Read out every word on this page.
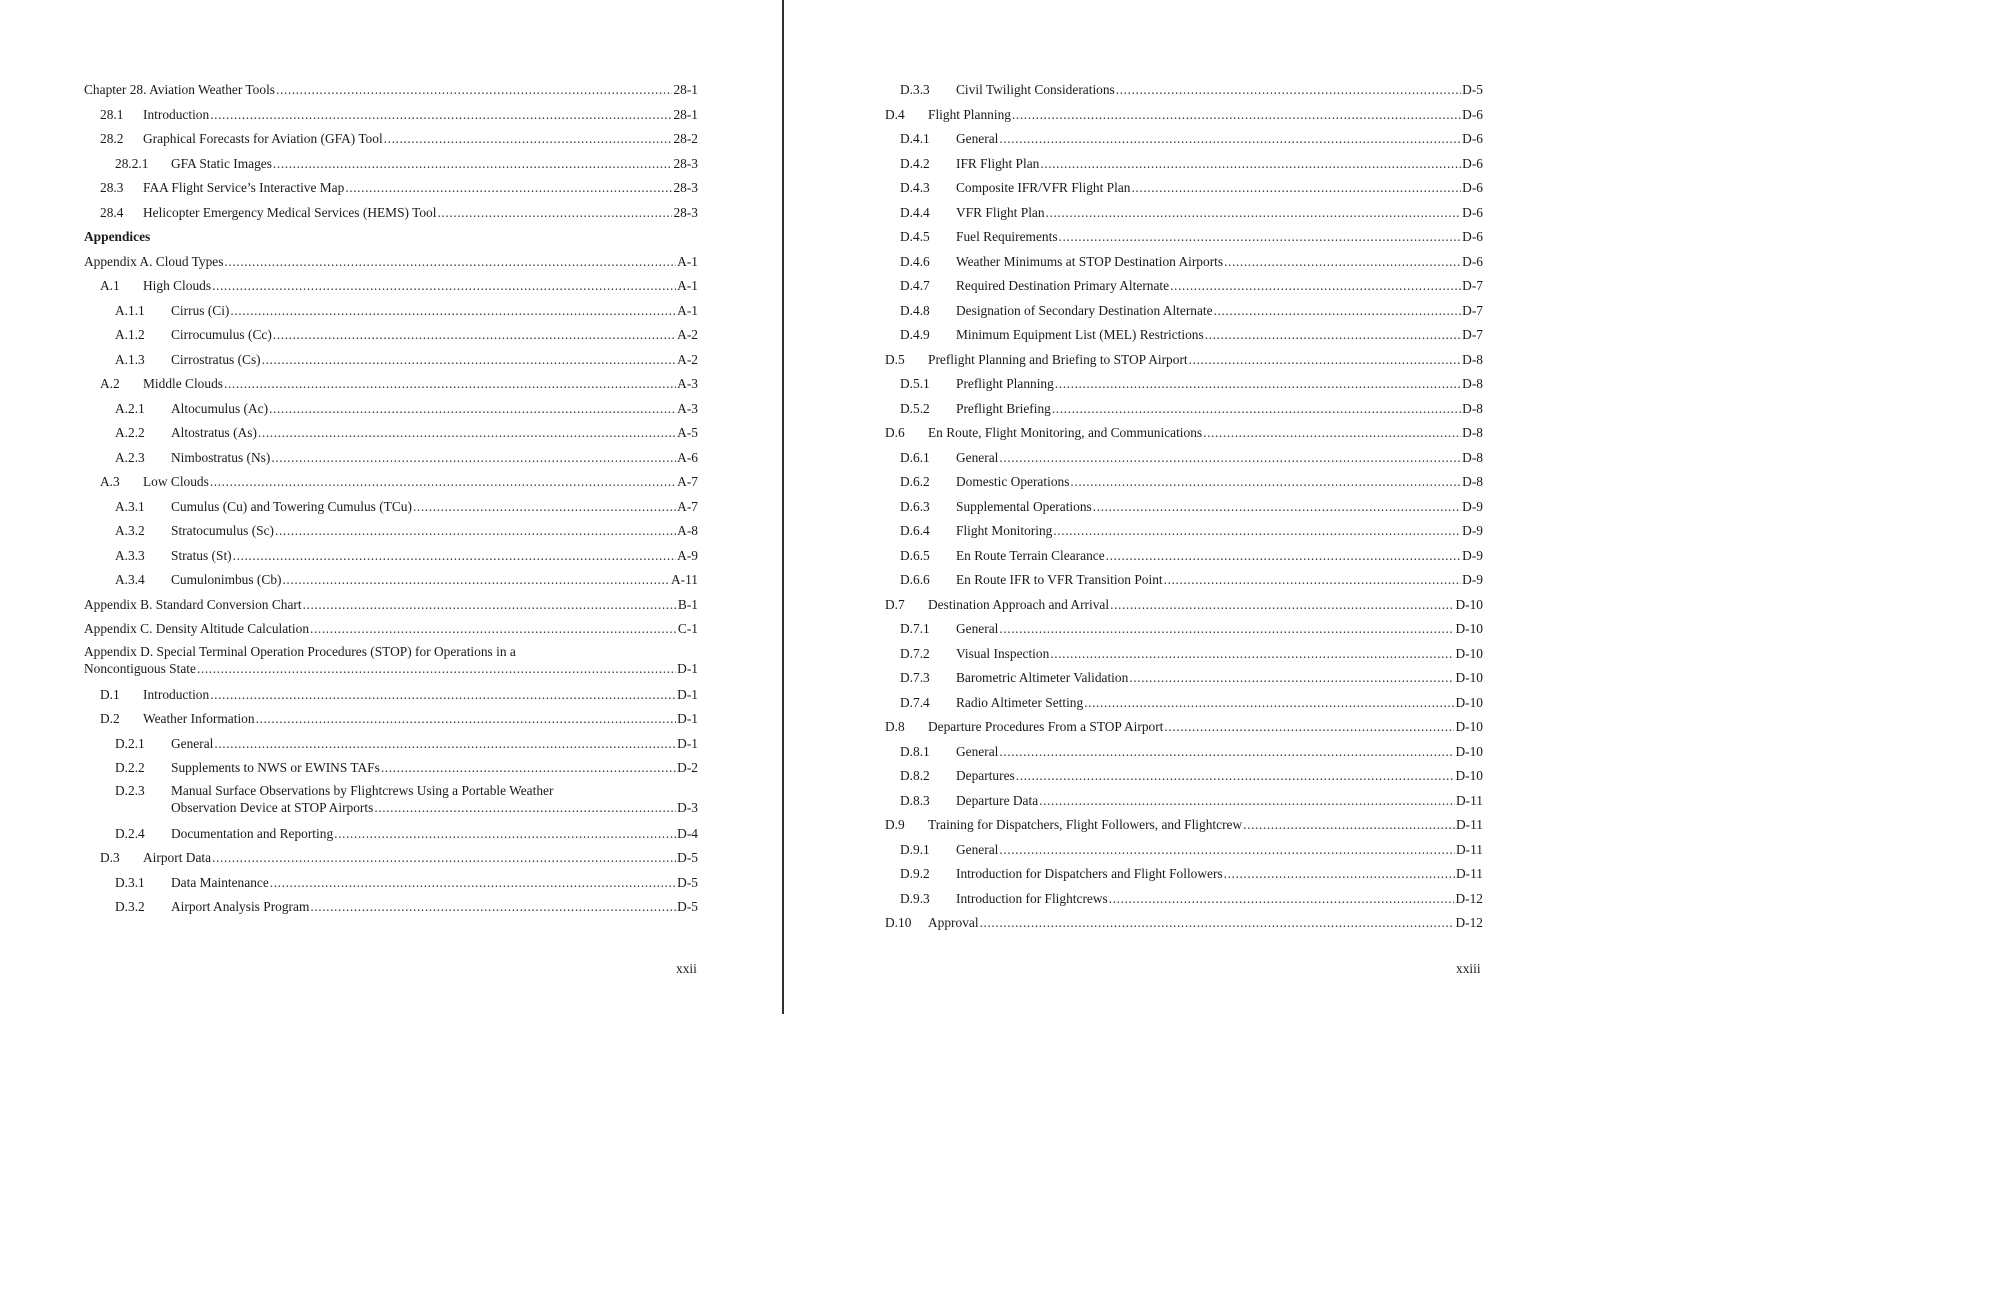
Chapter 28. Aviation Weather Tools .....	28-1
28.1	Introduction .....	28-1
28.2	Graphical Forecasts for Aviation (GFA) Tool .....	28-2
28.2.1	GFA Static Images .....	28-3
28.3	FAA Flight Service’s Interactive Map .....	28-3
28.4	Helicopter Emergency Medical Services (HEMS) Tool .....	28-3
Appendices
Appendix A. Cloud Types .....	A-1
A.1	High Clouds .....	A-1
A.1.1	Cirrus (Ci) .....	A-1
A.1.2	Cirrocumulus (Cc) .....	A-2
A.1.3	Cirrostratus (Cs) .....	A-2
A.2	Middle Clouds .....	A-3
A.2.1	Altocumulus (Ac) .....	A-3
A.2.2	Altostratus (As) .....	A-5
A.2.3	Nimbostratus (Ns) .....	A-6
A.3	Low Clouds .....	A-7
A.3.1	Cumulus (Cu) and Towering Cumulus (TCu) .....	A-7
A.3.2	Stratocumulus (Sc) .....	A-8
A.3.3	Stratus (St) .....	A-9
A.3.4	Cumulonimbus (Cb) .....	A-11
Appendix B. Standard Conversion Chart .....	B-1
Appendix C. Density Altitude Calculation .....	C-1
Appendix D. Special Terminal Operation Procedures (STOP) for Operations in a
Noncontiguous State .....	D-1
D.1	Introduction .....	D-1
D.2	Weather Information .....	D-1
D.2.1	General .....	D-1
D.2.2	Supplements to NWS or EWINS TAFs .....	D-2
D.2.3 Manual Surface Observations by Flightcrews Using a Portable Weather
Observation Device at STOP Airports .....	D-3
D.2.4	Documentation and Reporting .....	D-4
D.3	Airport Data .....	D-5
D.3.1	Data Maintenance .....	D-5
D.3.2	Airport Analysis Program .....	D-5
xxii
D.3.3	Civil Twilight Considerations .....	D-5
D.4	Flight Planning .....	D-6
D.4.1	General .....	D-6
D.4.2	IFR Flight Plan .....	D-6
D.4.3	Composite IFR/VFR Flight Plan .....	D-6
D.4.4	VFR Flight Plan .....	D-6
D.4.5	Fuel Requirements .....	D-6
D.4.6	Weather Minimums at STOP Destination Airports .....	D-6
D.4.7	Required Destination Primary Alternate .....	D-7
D.4.8	Designation of Secondary Destination Alternate .....	D-7
D.4.9	Minimum Equipment List (MEL) Restrictions .....	D-7
D.5	Preflight Planning and Briefing to STOP Airport .....	D-8
D.5.1	Preflight Planning .....	D-8
D.5.2	Preflight Briefing .....	D-8
D.6	En Route, Flight Monitoring, and Communications .....	D-8
D.6.1	General .....	D-8
D.6.2	Domestic Operations .....	D-8
D.6.3	Supplemental Operations .....	D-9
D.6.4	Flight Monitoring .....	D-9
D.6.5	En Route Terrain Clearance .....	D-9
D.6.6	En Route IFR to VFR Transition Point .....	D-9
D.7	Destination Approach and Arrival .....	D-10
D.7.1	General .....	D-10
D.7.2	Visual Inspection .....	D-10
D.7.3	Barometric Altimeter Validation .....	D-10
D.7.4	Radio Altimeter Setting .....	D-10
D.8	Departure Procedures From a STOP Airport .....	D-10
D.8.1	General .....	D-10
D.8.2	Departures .....	D-10
D.8.3	Departure Data .....	D-11
D.9	Training for Dispatchers, Flight Followers, and Flightcrew .....	D-11
D.9.1	General .....	D-11
D.9.2	Introduction for Dispatchers and Flight Followers .....	D-11
D.9.3	Introduction for Flightcrews .....	D-12
D.10	Approval .....	D-12
xxiii
